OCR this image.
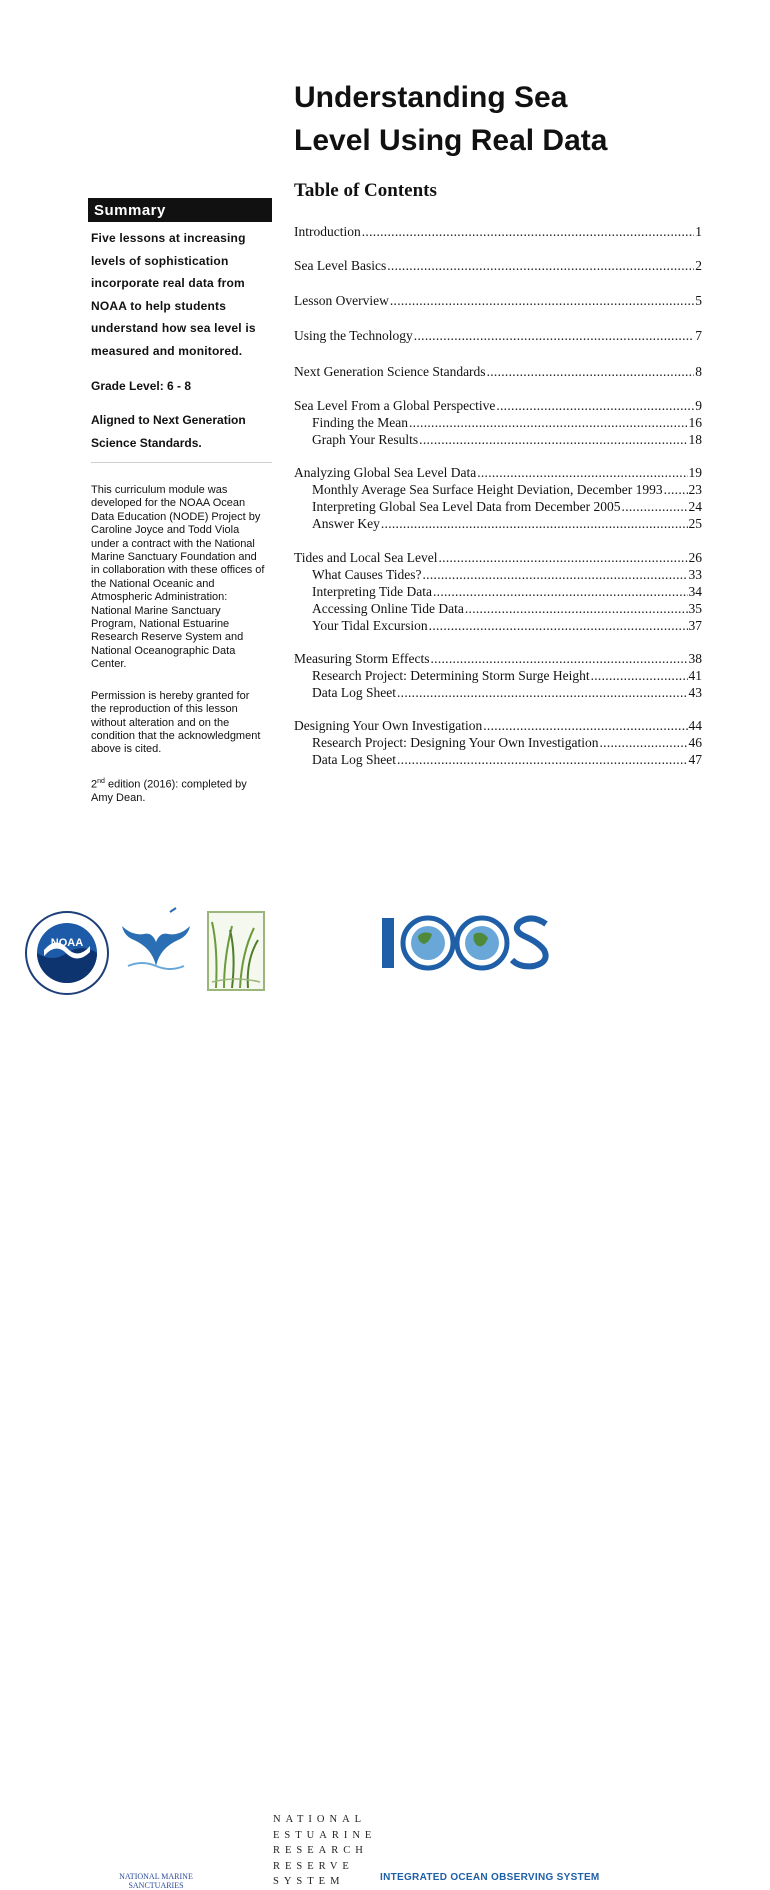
Understanding Sea
Level Using Real Data
Table of Contents
Summary
Five lessons at increasing
levels of sophistication
incorporate real data from
NOAA to help students
understand how sea level is
measured and monitored.
Grade Level: 6 - 8
Aligned to Next Generation
Science Standards.
This curriculum module was
developed for the NOAA Ocean
Data Education (NODE) Project by
Caroline Joyce and Todd Viola
under a contract with the National
Marine Sanctuary Foundation and
in collaboration with these offices of
the National Oceanic and
Atmospheric Administration:
National Marine Sanctuary
Program, National Estuarine
Research Reserve System and
National Oceanographic Data
Center.
Permission is hereby granted for
the reproduction of this lesson
without alteration and on the
condition that the acknowledgment
above is cited.
2nd edition (2016): completed by
Amy Dean.
Introduction .....	1
Sea Level Basics .....	2
Lesson Overview .....	5
Using the Technology .....	7
Next Generation Science Standards .....	8
Sea Level From a Global Perspective .....	9
Finding the Mean .....	16
Graph Your Results .....	18
Analyzing Global Sea Level Data .....	19
Monthly Average Sea Surface Height Deviation, December 1993 ..... 23
Interpreting Global Sea Level Data from December 2005 .....	24
Answer Key .....	25
Tides and Local Sea Level .....	26
What Causes Tides? .....	33
Interpreting Tide Data .....	34
Accessing Online Tide Data .....	35
Your Tidal Excursion .....	37
Measuring Storm Effects .....	38
Research Project: Determining Storm Surge Height .....	41
Data Log Sheet .....	43
Designing Your Own Investigation .....	44
Research Project: Designing Your Own Investigation .....	46
Data Log Sheet .....	47
NOAA
NATIONAL MARINE
SANCTUARIES
NATIONAL
ESTUARINE
RESEARCH
RESERVE
SYSTEM	INTEGRATED OCEAN OBSERVING SYSTEM
